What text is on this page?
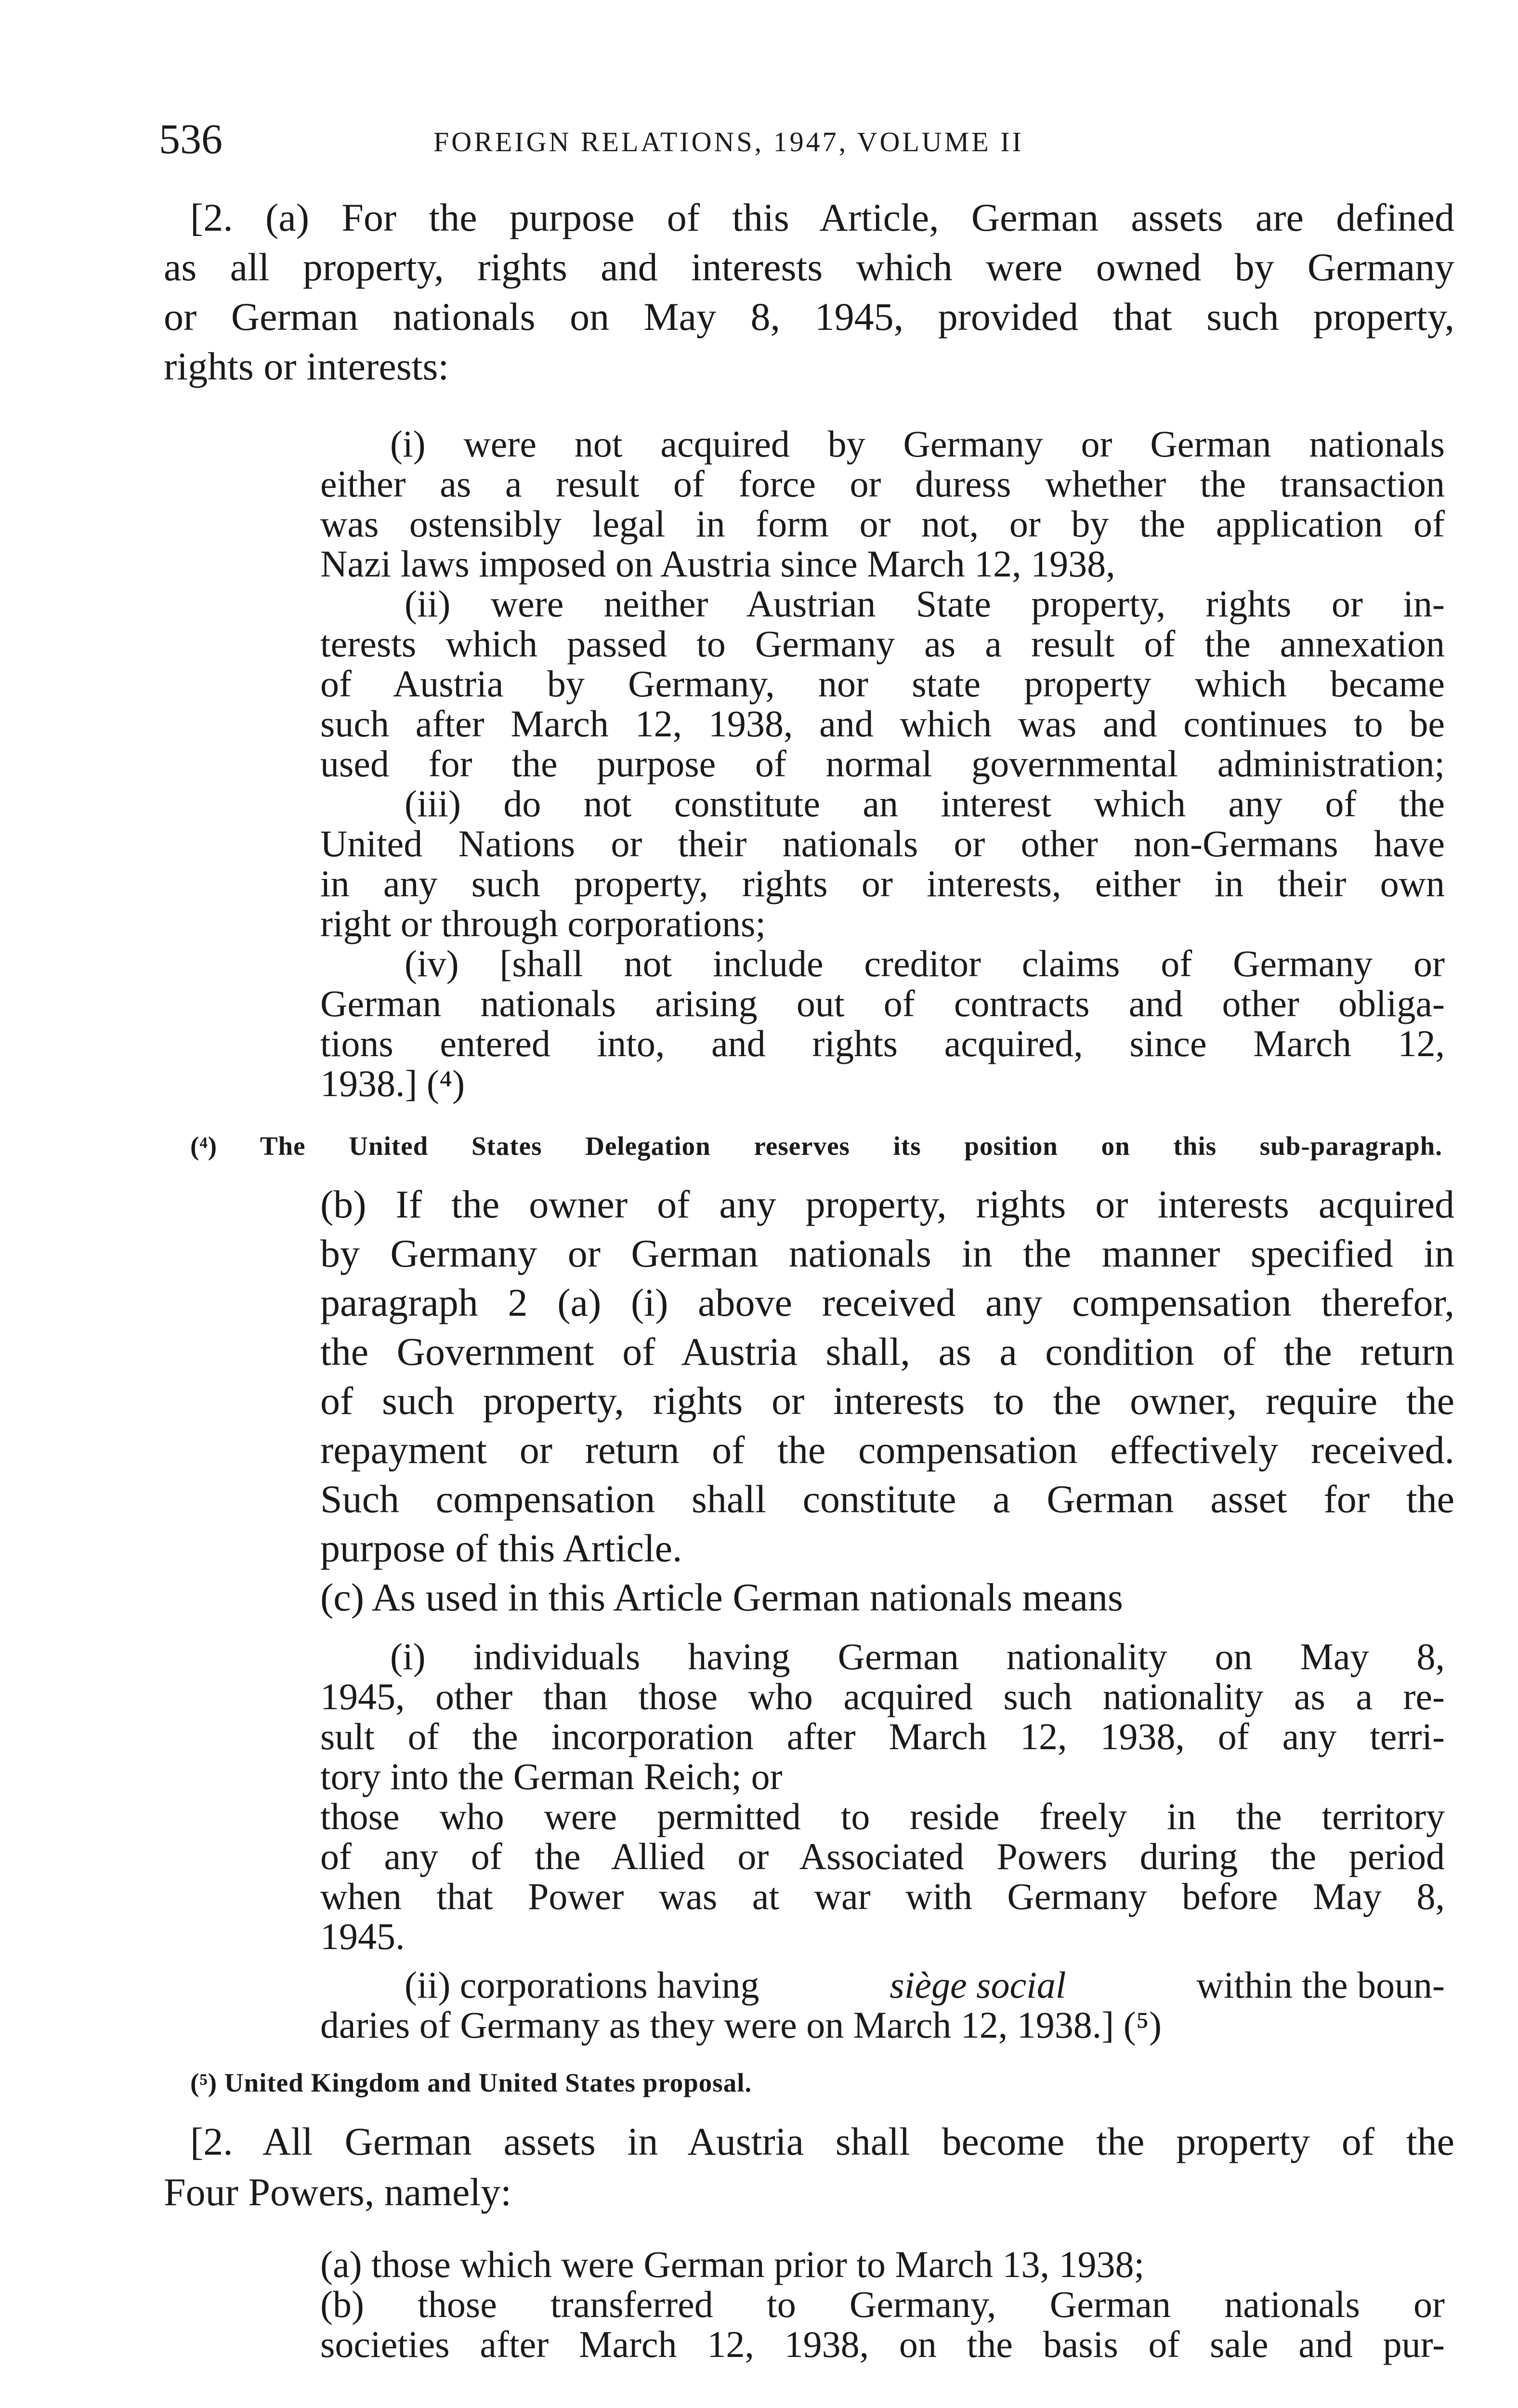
536	FOREIGN RELATIONS, 1947, VOLUME II
[2. (a) For the purpose of this Article, German assets are defined
as all property, rights and interests which were owned by Germany
or German nationals on May 8, 1945, provided that such property,
rights or interests:
(i) were not acquired by Germany or German nationals
either as a result of force or duress whether the transaction
was ostensibly legal in form or not, or by the application of
Nazi laws imposed on Austria since March 12, 1938,
(ii) were neither Austrian State property, rights or in-
terests which passed to Germany as a result of the annexation
of Austria by Germany, nor state property which became
such after March 12, 1938, and which was and continues to be
used for the purpose of normal governmental administration;
(iii) do not constitute an interest which any of the
United Nations or their nationals or other non-Germans have
in any such property, rights or interests, either in their own
right or through corporations;
(iv) [shall not include creditor claims of Germany or
German nationals arising out of contracts and other obliga-
tions entered into, and rights acquired, since March 12,
1938.] (⁴)
(⁴) The United States Delegation reserves its position on this sub-paragraph.
(b) If the owner of any property, rights or interests acquired
by Germany or German nationals in the manner specified in
paragraph 2 (a) (i) above received any compensation therefor,
the Government of Austria shall, as a condition of the return
of such property, rights or interests to the owner, require the
repayment or return of the compensation effectively received.
Such compensation shall constitute a German asset for the
purpose of this Article.
(c) As used in this Article German nationals means
(i) individuals having German nationality on May 8,
1945, other than those who acquired such nationality as a re-
sult of the incorporation after March 12, 1938, of any terri-
tory into the German Reich; or
those who were permitted to reside freely in the territory
of any of the Allied or Associated Powers during the period
when that Power was at war with Germany before May 8,
1945.
(ii) corporations having	siège social	within the boun-
daries of Germany as they were on March 12, 1938.] (⁵)
(⁵) United Kingdom and United States proposal.
[2. All German assets in Austria shall become the property of the
Four Powers, namely:
(a) those which were German prior to March 13, 1938;
(b) those transferred to Germany, German nationals or
societies after March 12, 1938, on the basis of sale and pur-
